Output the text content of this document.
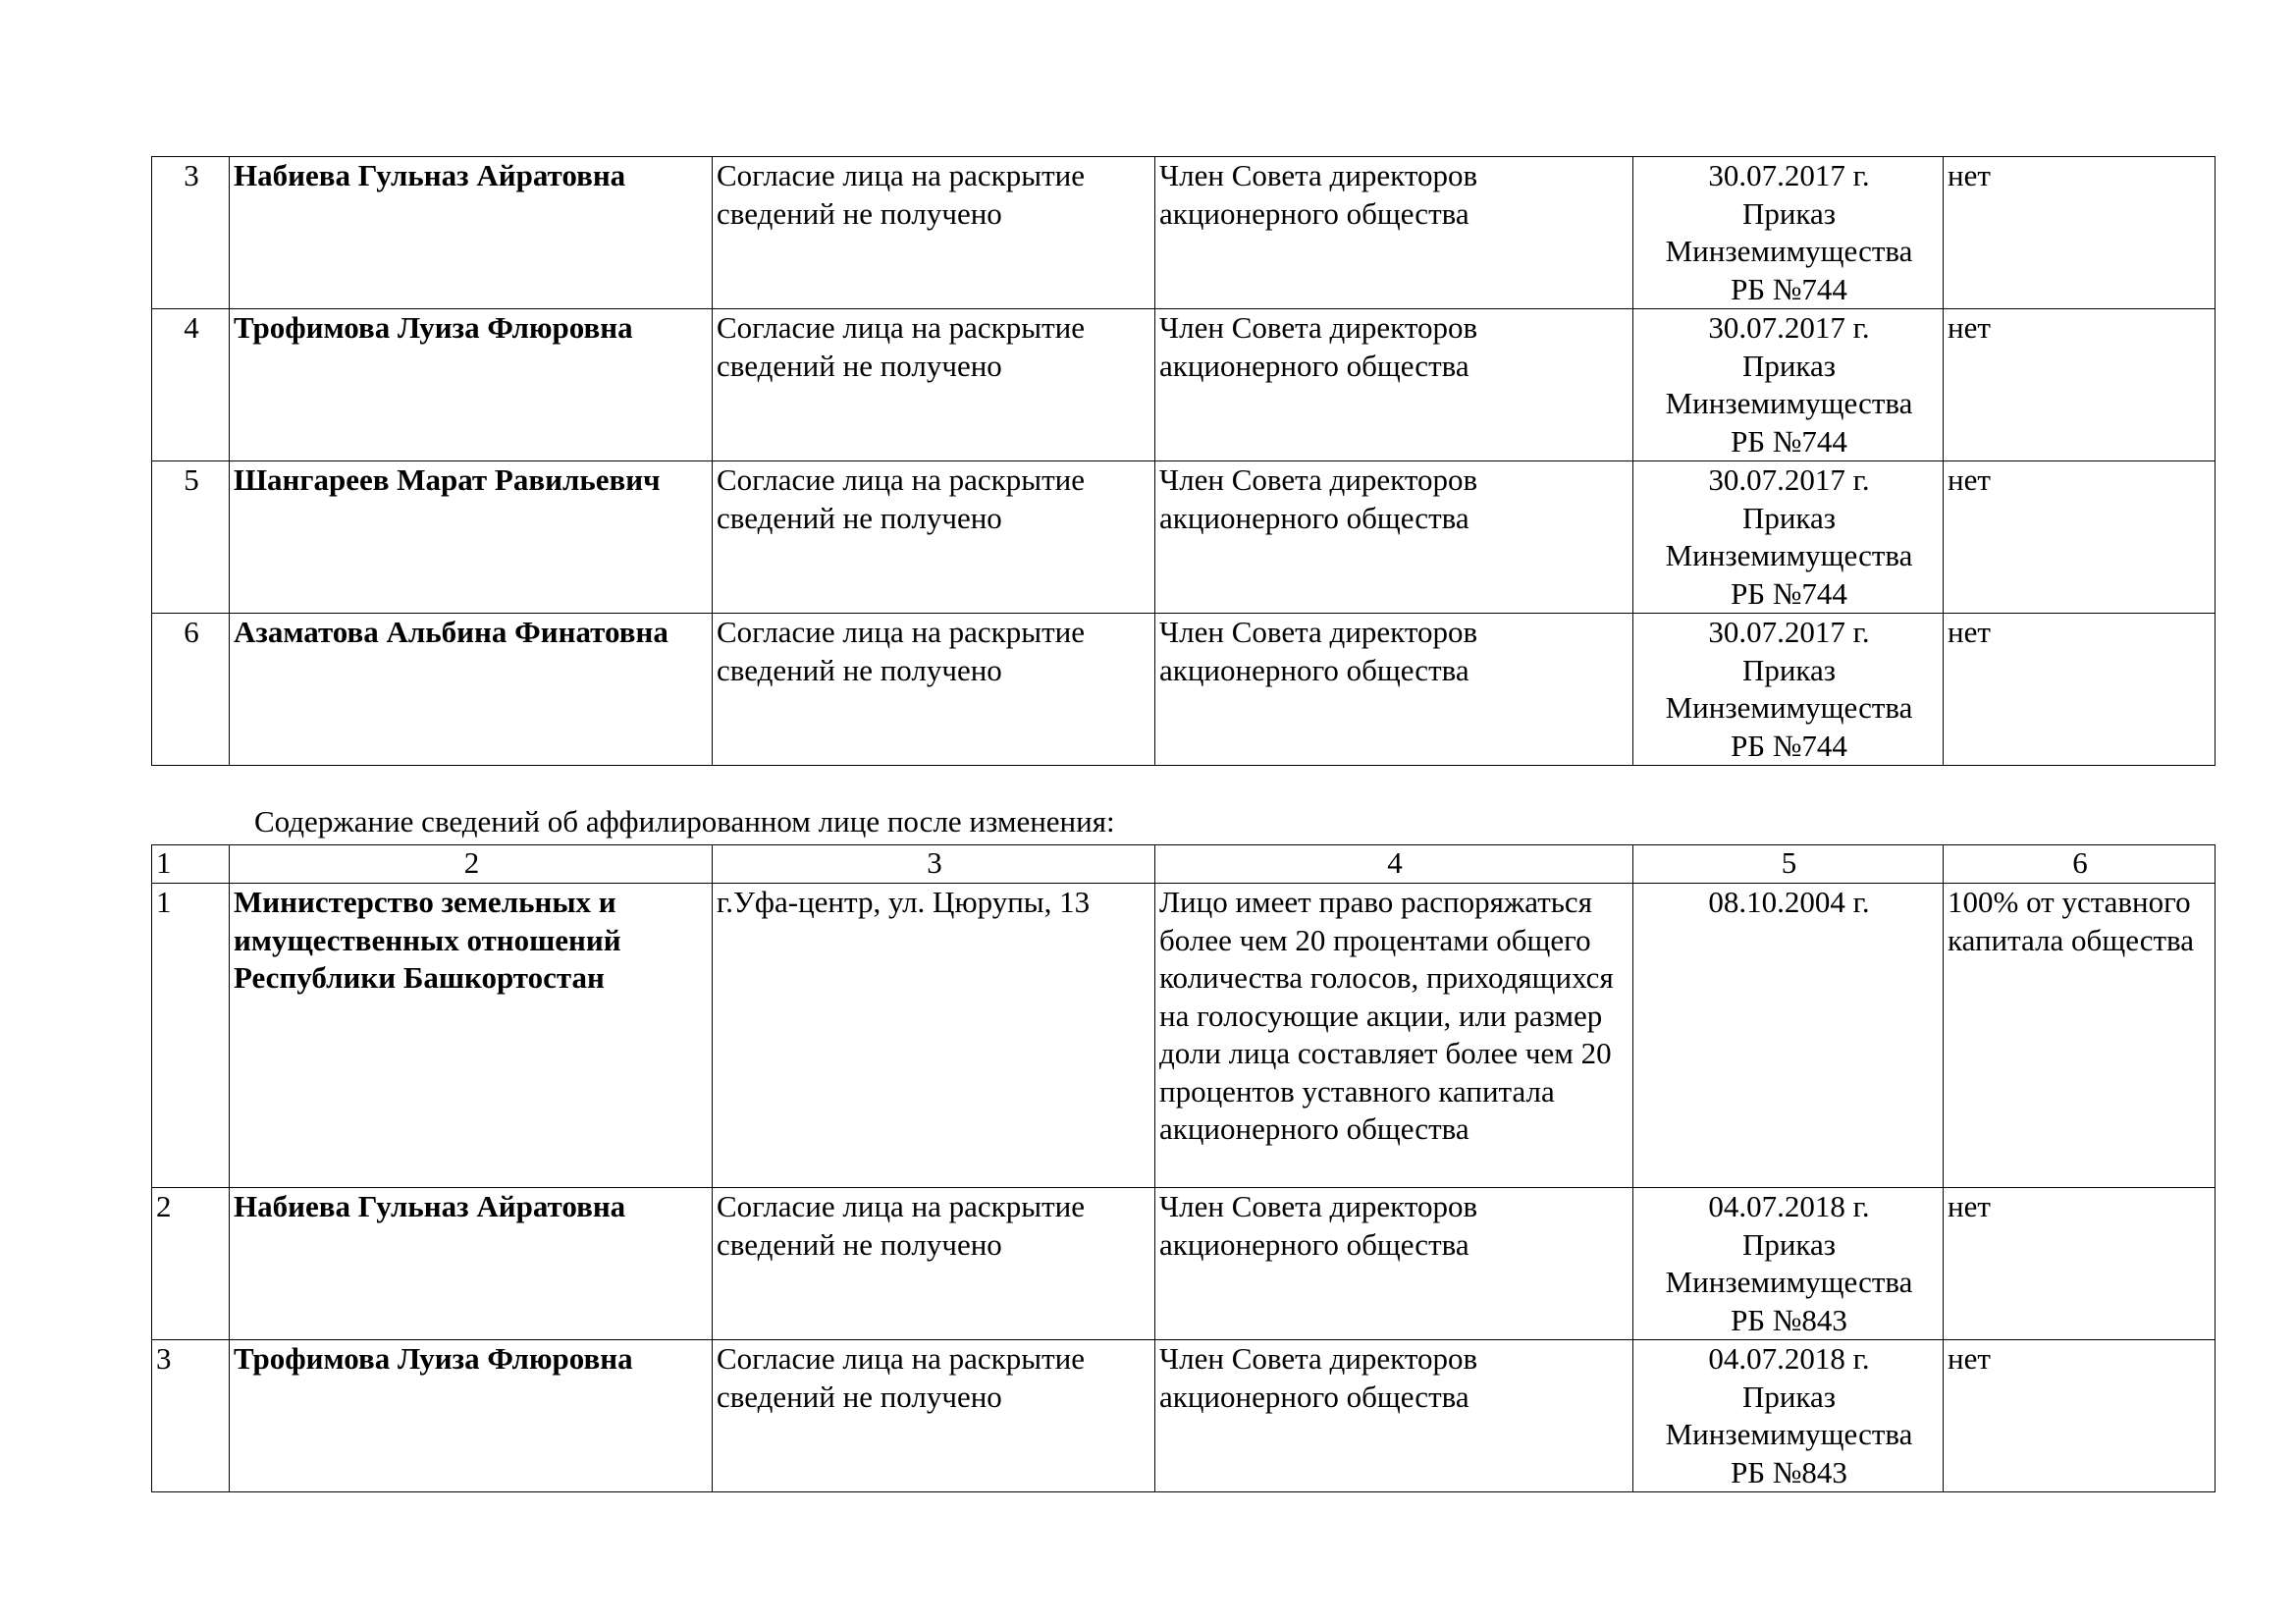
3	Набиева Гульназ Айратовна	Согласие лица на раскрытие сведений не получено	Член Совета директоров акционерного общества	30.07.2017 г.
Приказ
Минземимущества
РБ №744	нет
4	Трофимова Луиза Флюровна	Согласие лица на раскрытие сведений не получено	Член Совета директоров акционерного общества	30.07.2017 г.
Приказ
Минземимущества
РБ №744	нет
5	Шангареев Марат Равильевич	Согласие лица на раскрытие сведений не получено	Член Совета директоров акционерного общества	30.07.2017 г.
Приказ
Минземимущества
РБ №744	нет
6	Азаматова Альбина Финатовна	Согласие лица на раскрытие сведений не получено	Член Совета директоров акционерного общества	30.07.2017 г.
Приказ
Минземимущества
РБ №744	нет
Содержание сведений об аффилированном лице после изменения:
1	2	3	4	5	6
1	Министерство земельных и имущественных отношений Республики Башкортостан	г.Уфа-центр, ул. Цюрупы, 13	Лицо имеет право распоряжаться более чем 20 процентами общего количества голосов, приходящихся на голосующие акции, или размер доли лица составляет более чем 20 процентов уставного капитала акционерного общества	08.10.2004 г.	100% от уставного капитала общества
2	Набиева Гульназ Айратовна	Согласие лица на раскрытие сведений не получено	Член Совета директоров акционерного общества	04.07.2018 г.
Приказ
Минземимущества
РБ №843	нет
3	Трофимова Луиза Флюровна	Согласие лица на раскрытие сведений не получено	Член Совета директоров акционерного общества	04.07.2018 г.
Приказ
Минземимущества
РБ №843	нет
